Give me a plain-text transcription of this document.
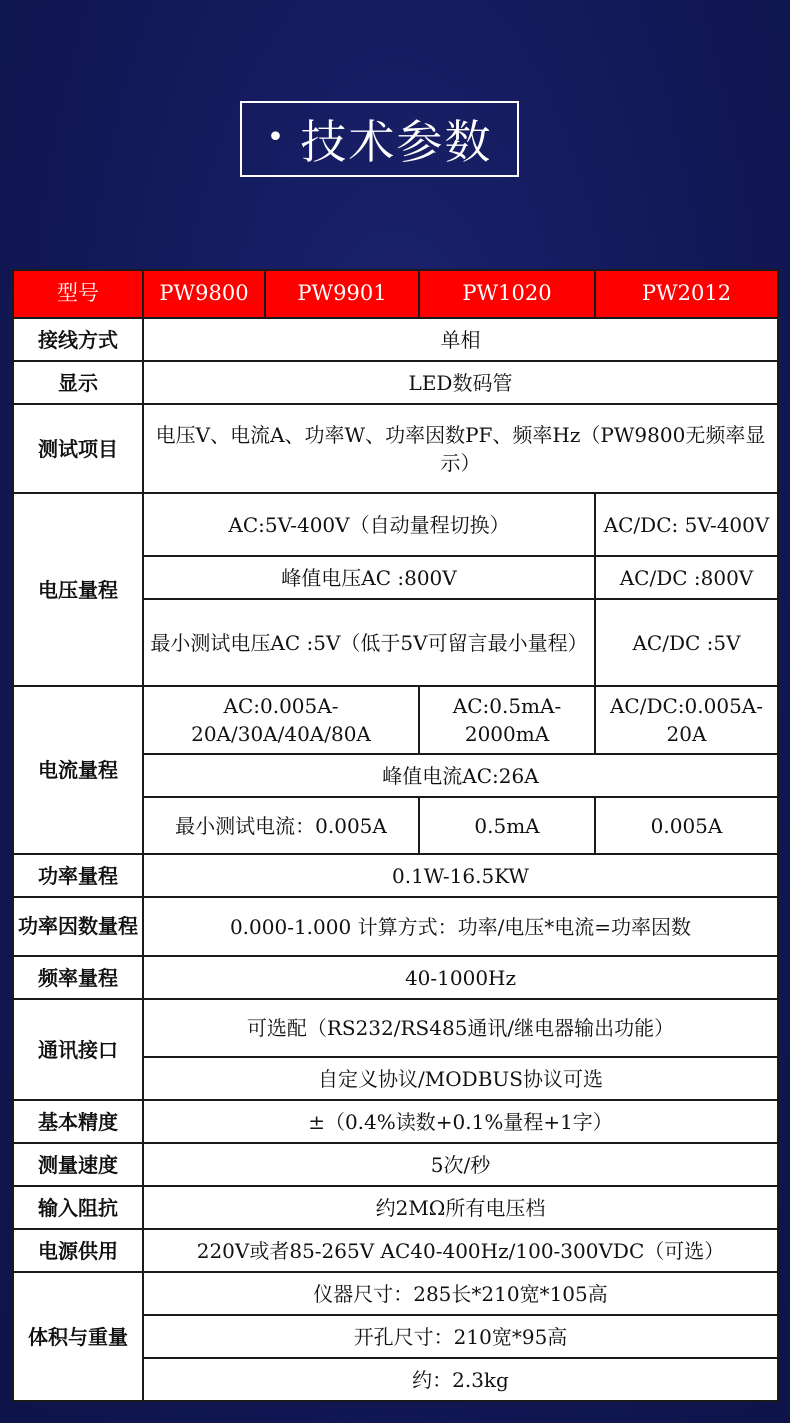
• 技术参数
型号	PW9800	PW9901	PW1020	PW2012
接线方式	单相			
显示	LED数码管			
测试项目	电压V、电流A、功率W、功率因数PF、频率Hz（PW9800无频率显示）			
电压量程	AC:5V-400V（自动量程切换）			AC/DC: 5V-400V
	峰值电压AC :800V			AC/DC :800V
	最小测试电压AC :5V（低于5V可留言最小量程）			AC/DC :5V
电流量程	AC:0.005A-20A/30A/40A/80A		AC:0.5mA-2000mA	AC/DC:0.005A-20A
	峰值电流AC:26A			
	最小测试电流：0.005A		0.5mA	0.005A
功率量程	0.1W-16.5KW			
功率因数量程	0.000-1.000 计算方式：功率/电压*电流=功率因数			
频率量程	40-1000Hz			
通讯接口	可选配（RS232/RS485通讯/继电器输出功能）			
	自定义协议/MODBUS协议可选			
基本精度	±（0.4%读数+0.1%量程+1字）			
测量速度	5次/秒			
输入阻抗	约2MΩ所有电压档			
电源供用	220V或者85-265V AC40-400Hz/100-300VDC（可选）			
体积与重量	仪器尺寸：285长*210宽*105高			
	开孔尺寸：210宽*95高			
	约：2.3kg			
